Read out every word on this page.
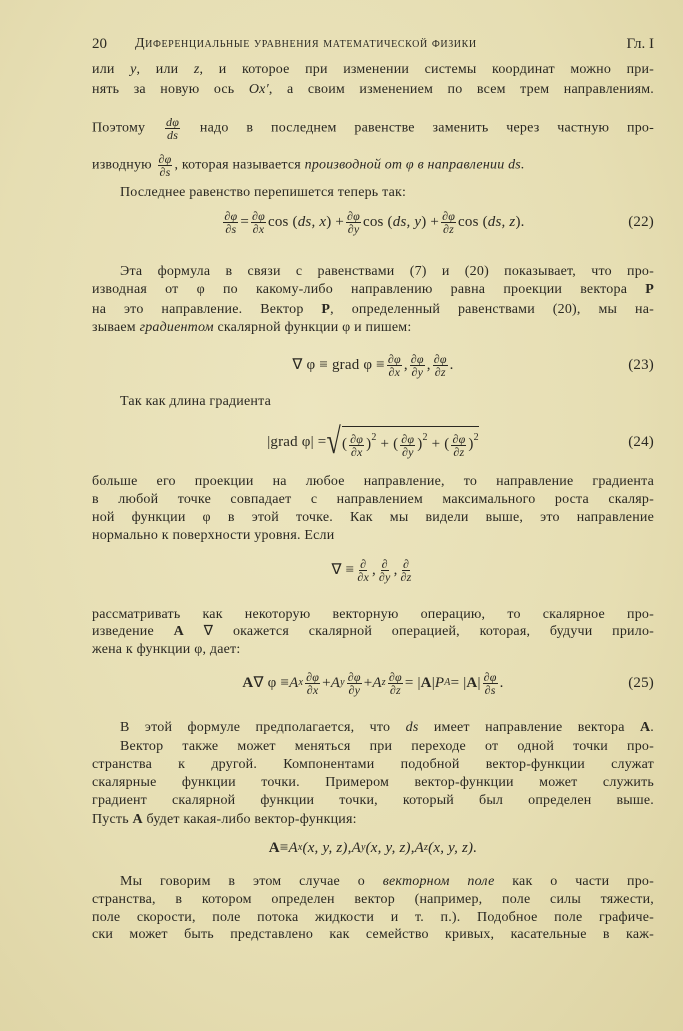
20 Диференциальные уравнения математической физики	Гл. I
или y, или z, и которое при изменении системы координат можно при-
нять за новую ось Ox′, а своим изменением по всем трем направлениям.
Поэтому $\frac{d\varphi}{ds}$ надо в последнем равенстве заменить через частную про-
изводную $\frac{\partial\varphi}{\partial s}$ , которая называется производной от φ в направлении ds.
Последнее равенство перепишется теперь так:
$\frac{\partial\varphi}{\partial s} = \frac{\partial\varphi}{\partial x}$ cos ( ds, x ) + $\frac{\partial\varphi}{\partial y}$ cos ( ds, y ) + $\frac{\partial\varphi}{\partial z}$ cos ( ds, z ).	(22)
Эта формула в связи с равенствами (7) и (20) показывает, что про-
изводная от φ по какому-либо направлению равна проекции вектора P
на это направление. Вектор P, определенный равенствами (20), мы на-
зываем градиентом скалярной функции φ и пишем:
∇ φ ≡ grad $\varphi \equiv \frac{\partial\varphi}{\partial x}$ , $\frac{\partial\varphi}{\partial y}$ , $\frac{\partial\varphi}{\partial z}$ .	(23)
Так как длина градиента
|grad φ| = √ ( $\frac{\partial\varphi}{\partial x} )^2$ + ( $\frac{\partial\varphi}{\partial y} )^2$ + ( $\frac{\partial\varphi}{\partial z} )^2$	(24)
больше его проекции на любое направление, то направление градиента
в любой точке совпадает с направлением максимального роста скаляр-
ной функции φ в этой точке. Как мы видели выше, это направление
нормально к поверхности уровня. Если
∇ ≡ $\frac{\partial}{\partial x}$ , $\frac{\partial}{\partial y}$ , $\frac{\partial}{\partial z}$
рассматривать как некоторую векторную операцию, то скалярное про-
изведение A ∇ окажется скалярной операцией, которая, будучи прило-
жена к функции φ, дает:
A ∇ φ ≡ A x $\frac{\partial\varphi}{\partial x} + A$ y $\frac{\partial\varphi}{\partial y} + A$ z $\frac{\partial\varphi}{\partial z}$ = | A | P A = | A | $\frac{\partial\varphi}{\partial s}$ .	(25)
В этой формуле предполагается, что ds имеет направление вектора A.
Вектор также может меняться при переходе от одной точки про-
странства к другой. Компонентами подобной вектор-функции служат
скалярные функции точки. Примером вектор-функции может служить
градиент скалярной функции точки, который был определен выше.
Пусть A будет какая-либо вектор-функция:
A ≡ A x (x, y, z), A y (x, y, z), A z (x, y, z).
Мы говорим в этом случае о векторном поле как о части про-
странства, в котором определен вектор (например, поле силы тяжести,
поле скорости, поле потока жидкости и т. п.). Подобное поле графиче-
ски может быть представлено как семейство кривых, касательные в каж-
